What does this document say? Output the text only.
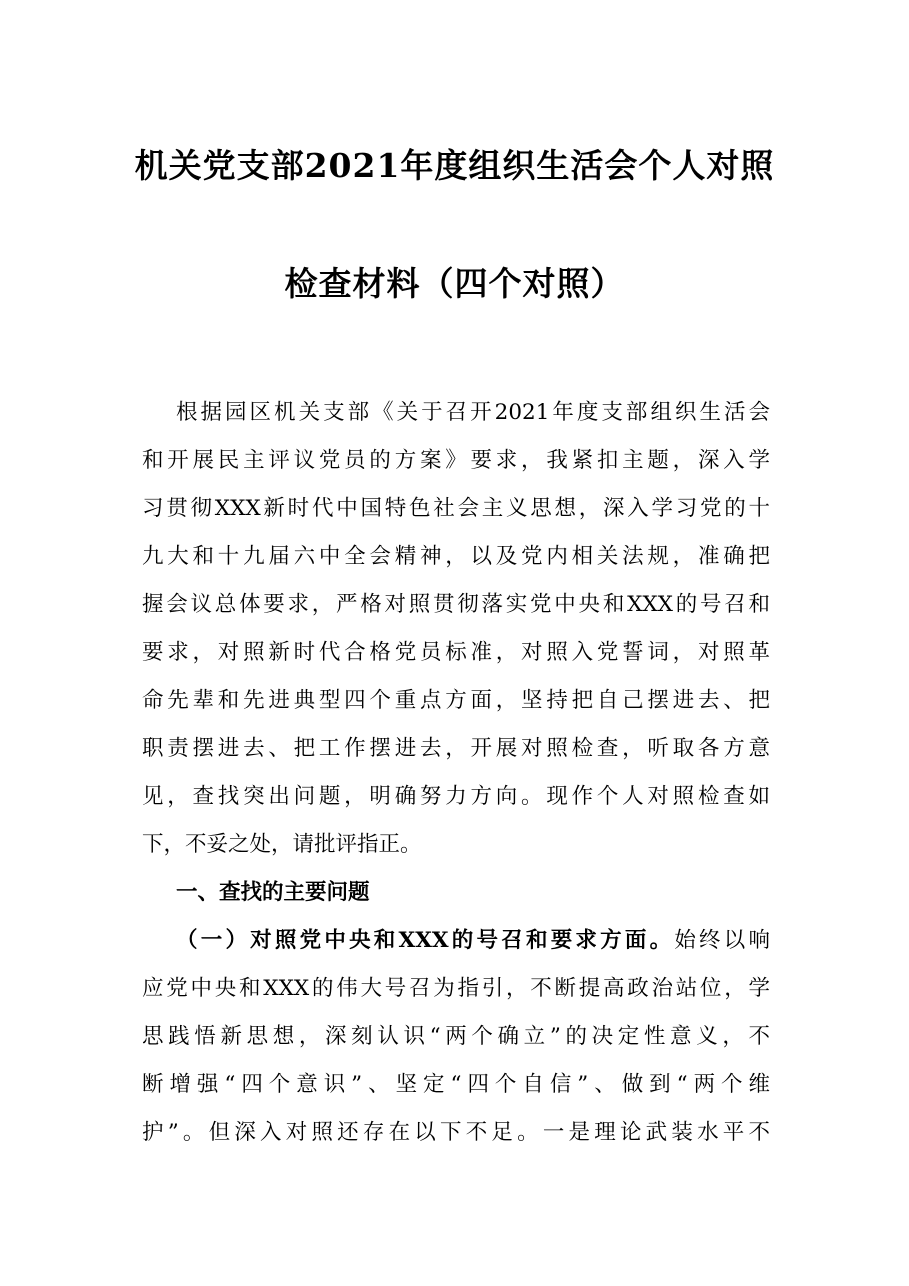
机关党支部2021年度组织生活会个人对照
检查材料（四个对照）
根据园区机关支部《关于召开2021年度支部组织生活会
和开展民主评议党员的方案》要求，我紧扣主题，深入学
习贯彻XXX新时代中国特色社会主义思想，深入学习党的十
九大和十九届六中全会精神，以及党内相关法规，准确把
握会议总体要求，严格对照贯彻落实党中央和XXX的号召和
要求，对照新时代合格党员标准，对照入党誓词，对照革
命先辈和先进典型四个重点方面，坚持把自己摆进去、把
职责摆进去、把工作摆进去，开展对照检查，听取各方意
见，查找突出问题，明确努力方向。现作个人对照检查如
下，不妥之处，请批评指正。
一、查找的主要问题
（一）对照党中央和XXX的号召和要求方面。始终以响
应党中央和XXX的伟大号召为指引，不断提高政治站位，学
思践悟新思想，深刻认识“两个确立”的决定性意义，不
断增强“四个意识”、坚定“四个自信”、做到“两个维
护”。但深入对照还存在以下不足。一是理论武装水平不
